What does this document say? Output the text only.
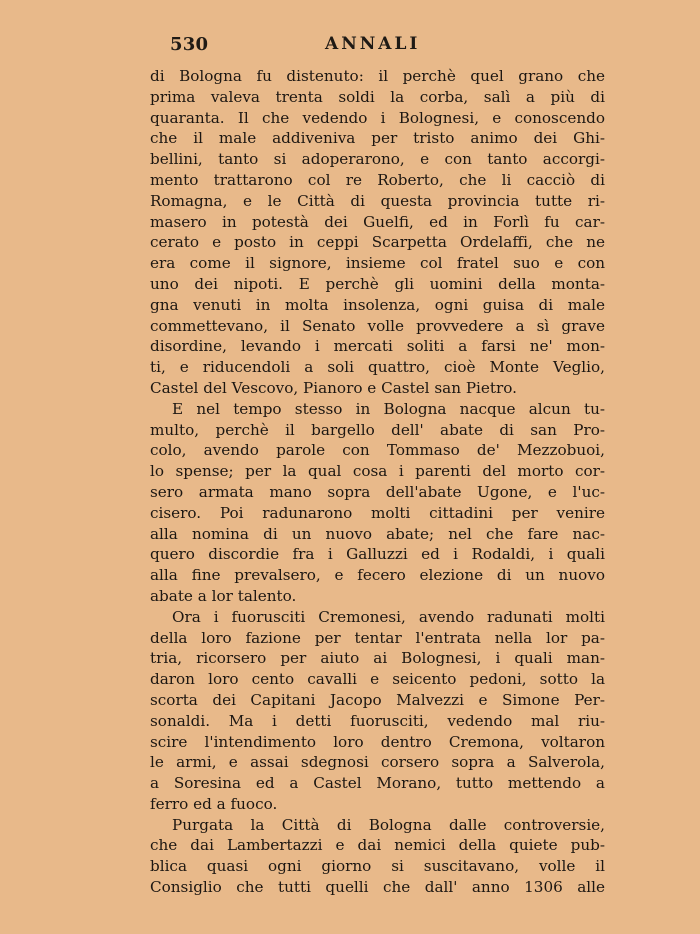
530	ANNALI
di Bologna fu distenuto: il perchè quel grano che
prima valeva trenta soldi la corba, salì a più di
quaranta. Il che vedendo i Bolognesi, e conoscendo
che il male addiveniva per tristo animo dei Ghi-
bellini, tanto si adoperarono, e con tanto accorgi-
mento trattarono col re Roberto, che li cacciò di
Romagna, e le Città di questa provincia tutte ri-
masero in potestà dei Guelfi, ed in Forlì fu car-
cerato e posto in ceppi Scarpetta Ordelaffi, che ne
era come il signore, insieme col fratel suo e con
uno dei nipoti. E perchè gli uomini della monta-
gna venuti in molta insolenza, ogni guisa di male
commettevano, il Senato volle provvedere a sì grave
disordine, levando i mercati soliti a farsi ne' mon-
ti, e riducendoli a soli quattro, cioè Monte Veglio,
Castel del Vescovo, Pianoro e Castel san Pietro.
E nel tempo stesso in Bologna nacque alcun tu-
multo, perchè il bargello dell' abate di san Pro-
colo, avendo parole con Tommaso de' Mezzobuoi,
lo spense; per la qual cosa i parenti del morto cor-
sero armata mano sopra dell'abate Ugone, e l'uc-
cisero. Poi radunarono molti cittadini per venire
alla nomina di un nuovo abate; nel che fare nac-
quero discordie fra i Galluzzi ed i Rodaldi, i quali
alla fine prevalsero, e fecero elezione di un nuovo
abate a lor talento.
Ora i fuorusciti Cremonesi, avendo radunati molti
della loro fazione per tentar l'entrata nella lor pa-
tria, ricorsero per aiuto ai Bolognesi, i quali man-
daron loro cento cavalli e seicento pedoni, sotto la
scorta dei Capitani Jacopo Malvezzi e Simone Per-
sonaldi. Ma i detti fuorusciti, vedendo mal riu-
scire l'intendimento loro dentro Cremona, voltaron
le armi, e assai sdegnosi corsero sopra a Salverola,
a Soresina ed a Castel Morano, tutto mettendo a
ferro ed a fuoco.
Purgata la Città di Bologna dalle controversie,
che dai Lambertazzi e dai nemici della quiete pub-
blica quasi ogni giorno si suscitavano, volle il
Consiglio che tutti quelli che dall' anno 1306 alle
